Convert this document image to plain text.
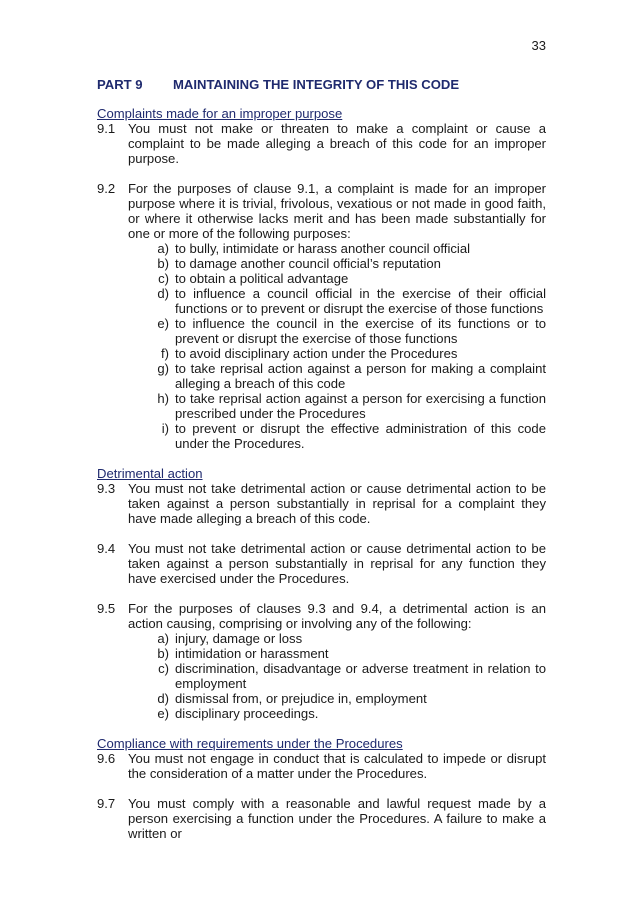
33
PART 9	MAINTAINING THE INTEGRITY OF THIS CODE
Complaints made for an improper purpose
9.1 You must not make or threaten to make a complaint or cause a complaint to be made alleging a breach of this code for an improper purpose.
9.2 For the purposes of clause 9.1, a complaint is made for an improper purpose where it is trivial, frivolous, vexatious or not made in good faith, or where it otherwise lacks merit and has been made substantially for one or more of the following purposes:
a) to bully, intimidate or harass another council official
b) to damage another council official’s reputation
c) to obtain a political advantage
d) to influence a council official in the exercise of their official functions or to prevent or disrupt the exercise of those functions
e) to influence the council in the exercise of its functions or to prevent or disrupt the exercise of those functions
f) to avoid disciplinary action under the Procedures
g) to take reprisal action against a person for making a complaint alleging a breach of this code
h) to take reprisal action against a person for exercising a function prescribed under the Procedures
i) to prevent or disrupt the effective administration of this code under the Procedures.
Detrimental action
9.3 You must not take detrimental action or cause detrimental action to be taken against a person substantially in reprisal for a complaint they have made alleging a breach of this code.
9.4 You must not take detrimental action or cause detrimental action to be taken against a person substantially in reprisal for any function they have exercised under the Procedures.
9.5 For the purposes of clauses 9.3 and 9.4, a detrimental action is an action causing, comprising or involving any of the following:
a) injury, damage or loss
b) intimidation or harassment
c) discrimination, disadvantage or adverse treatment in relation to employment
d) dismissal from, or prejudice in, employment
e) disciplinary proceedings.
Compliance with requirements under the Procedures
9.6 You must not engage in conduct that is calculated to impede or disrupt the consideration of a matter under the Procedures.
9.7 You must comply with a reasonable and lawful request made by a person exercising a function under the Procedures. A failure to make a written or
